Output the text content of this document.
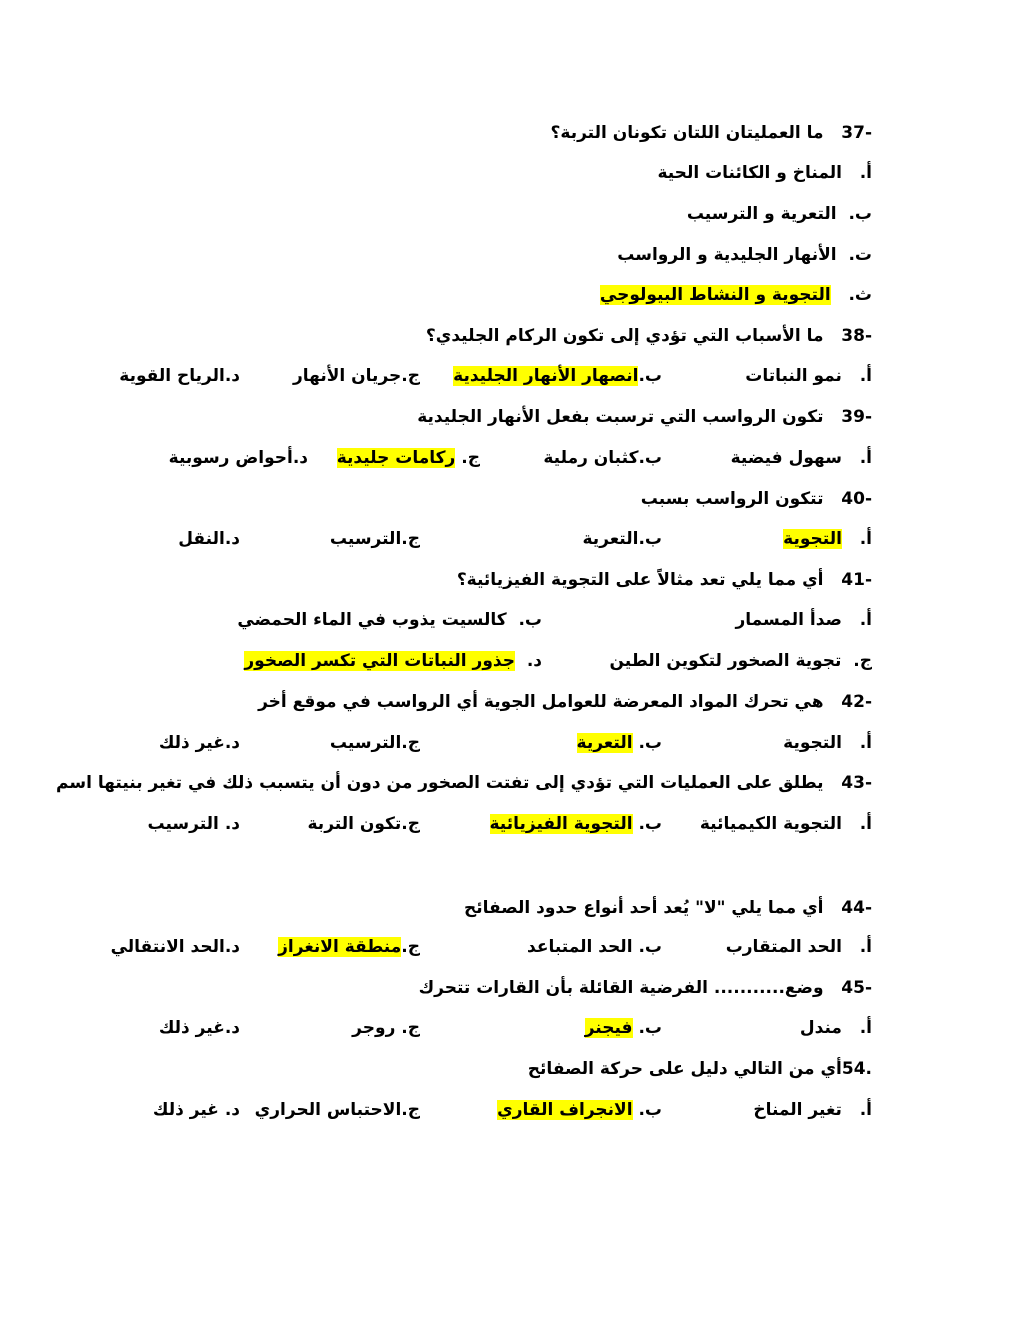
37-   ما العمليتان اللتان تكونان التربة؟
أ.   المناخ و الكائنات الحية
ب.  التعرية و الترسيب
ت.  الأنهار الجليدية و الرواسب
ث.   التجوية و النشاط البيولوجي
38-   ما الأسباب التي تؤدي إلى تكون الركام الجليدي؟
أ.   نمو النباتات
ب.انصهار الأنهار الجليدية
ج.جريان الأنهار
د.الرياح القوية
39-   تكون الرواسب التي ترسبت بفعل الأنهار الجليدية
أ.   سهول فيضية
ب.كثبان رملية
ج. ركامات جليدية
د.أحواض رسوبية
40-   تتكون الرواسب بسبب
أ.   التجوية
ب.التعرية
ج.الترسيب
د.النقل
41-   أي مما يلي تعد مثالاً على التجوية الفيزيائية؟
أ.   صدأ المسمار
ب.  كالسيت يذوب في الماء الحمضي
ج.  تجوية الصخور لتكوين الطين
د.  جذور النباتات التي تكسر الصخور
42-   هي تحرك المواد المعرضة للعوامل الجوية أي الرواسب في موقع أخر
أ.   التجوية
ب. التعرية
ج.الترسيب
د.غير ذلك
43-   يطلق على العمليات التي تؤدي إلى تفتت الصخور من دون أن يتسبب ذلك في تغير بنيتها اسم
أ.   التجوية الكيميائية
ب. التجوية الفيزيائية
ج.تكون التربة
د. الترسيب
44-   أي مما يلي "لا" يُعد أحد أنواع حدود الصفائح
أ.   الحد المتقارب
ب. الحد المتباعد
ج.منطقة الانغراز
د.الحد الانتقالي
45-   وضع........... الفرضية القائلة بأن القارات تتحرك
أ.   مندل
ب. فيجنر
ج. روجر
د.غير ذلك
54.أي من التالي دليل على حركة الصفائح
أ.   تغير المناخ
ب. الانجراف القاري
ج.الاحتباس الحراري
د. غير ذلك
